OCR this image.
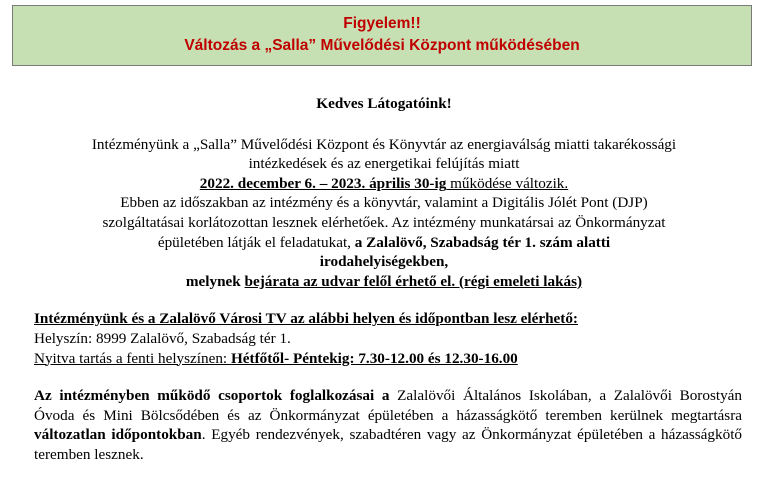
Figyelem!!
Változás a „Salla” Művelődési Központ működésében

Kedves Látogatóink!

Intézményünk a „Salla” Művelődési Központ és Könyvtár az energiaválság miatti takarékossági

intézkedések és az energetikai felújítás miatt

2022. december 6. – 2023. április 30-ig működése változik.

Ebben az időszakban az intézmény és a könyvtár, valamint a Digitális Jólét Pont (DJP)

szolgáltatásai korlátozottan lesznek elérhetőek. Az intézmény munkatársai az Önkormányzat

épületében látják el feladatukat, a Zalalövő, Szabadság tér 1. szám alatti

irodahelyiségekben,

melynek bejárata az udvar felől érhető el. (régi emeleti lakás)

Intézményünk és a Zalalövő Városi TV az alábbi helyen és időpontban lesz elérhető:

Helyszín: 8999 Zalalövő, Szabadság tér 1.

Nyitva tartás a fenti helyszínen: Hétfőtől- Péntekig: 7.30-12.00 és 12.30-16.00

Az intézményben működő csoportok foglalkozásai a Zalalövői Általános Iskolában, a Zalalövői Borostyán Óvoda és Mini Bölcsődében és az Önkormányzat épületében a házasságkötő teremben kerülnek megtartásra változatlan időpontokban. Egyéb rendezvények, szabadtéren vagy az Önkormányzat épületében a házasságkötő teremben lesznek.
